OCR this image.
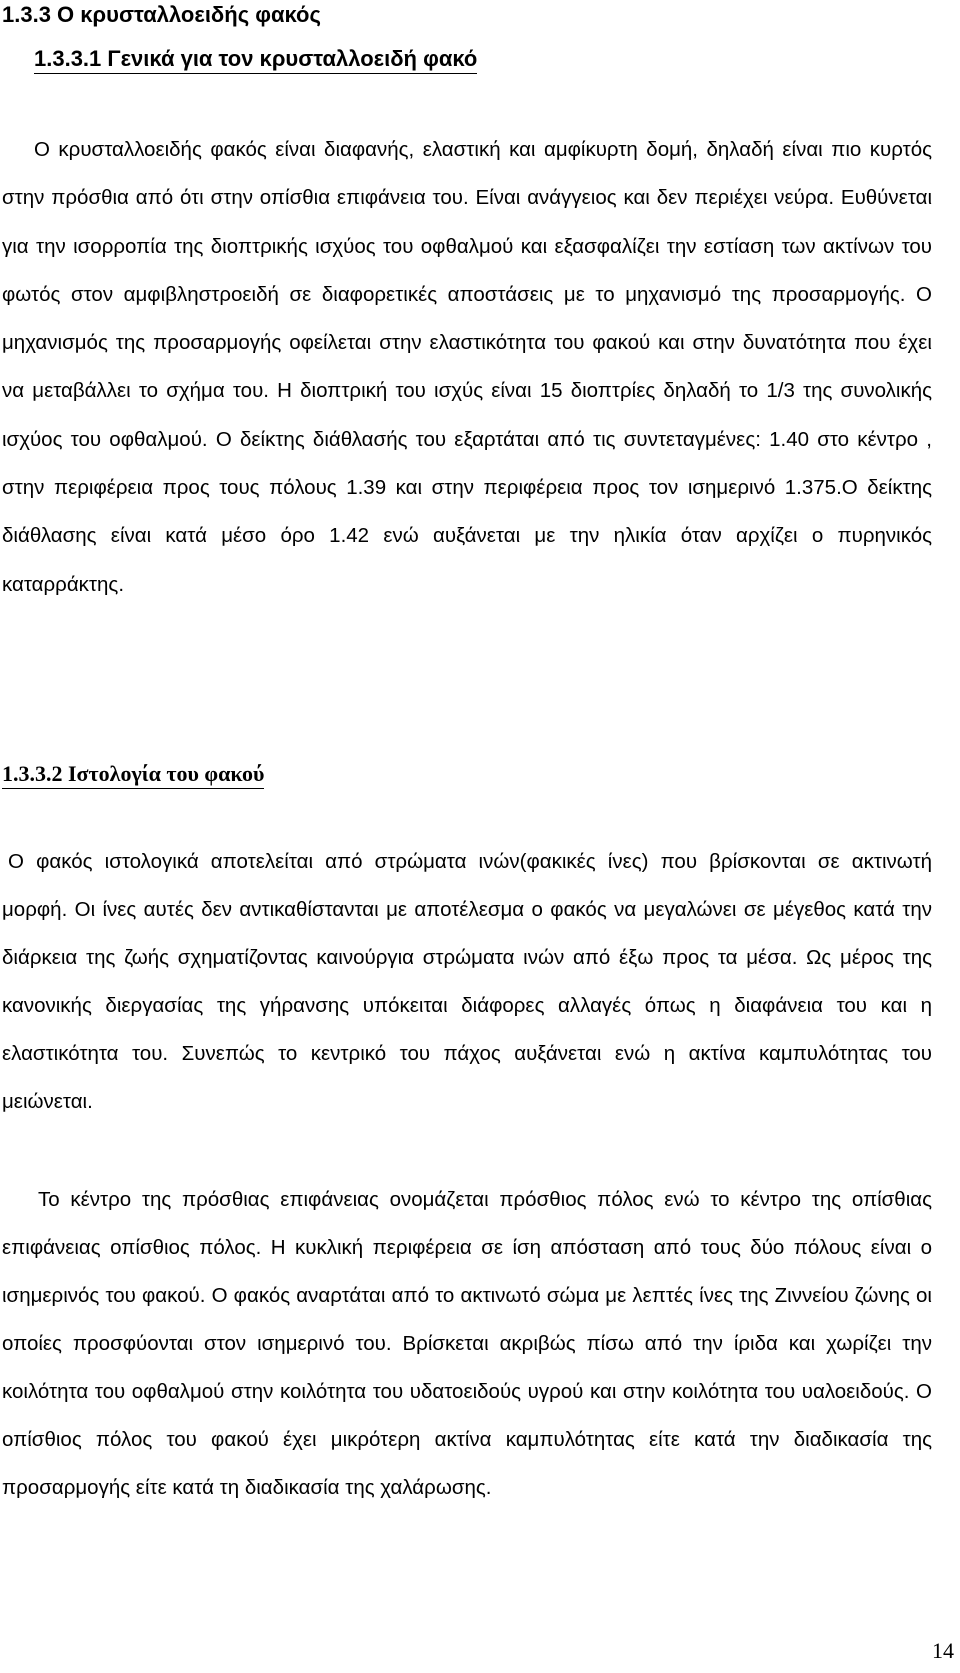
1.3.3 Ο κρυσταλλοειδής φακός
1.3.3.1 Γενικά για τον κρυσταλλοειδή φακό

Ο κρυσταλλοειδής φακός είναι διαφανής, ελαστική και αμφίκυρτη δομή, δηλαδή είναι πιο κυρτός στην πρόσθια από ότι στην οπίσθια επιφάνεια του. Είναι ανάγγειος και δεν περιέχει νεύρα. Ευθύνεται για την ισορροπία της διοπτρικής ισχύος του οφθαλμού και εξασφαλίζει την εστίαση των ακτίνων του φωτός στον αμφιβληστροειδή σε διαφορετικές αποστάσεις με το μηχανισμό της προσαρμογής. Ο μηχανισμός της προσαρμογής οφείλεται στην ελαστικότητα του φακού και στην δυνατότητα που έχει να μεταβάλλει το σχήμα του. Η διοπτρική του ισχύς είναι 15 διοπτρίες δηλαδή το 1/3 της συνολικής ισχύος του οφθαλμού. Ο δείκτης διάθλασής του εξαρτάται από τις συντεταγμένες: 1.40 στο κέντρο , στην περιφέρεια προς τους πόλους 1.39 και στην περιφέρεια προς τον ισημερινό 1.375.Ο δείκτης διάθλασης είναι κατά μέσο όρο 1.42 ενώ αυξάνεται με την ηλικία όταν αρχίζει ο πυρηνικός καταρράκτης.

1.3.3.2 Ιστολογία του φακού

Ο φακός ιστολογικά αποτελείται από στρώματα ινών(φακικές ίνες) που βρίσκονται σε ακτινωτή μορφή. Οι ίνες αυτές δεν αντικαθίστανται με αποτέλεσμα ο φακός να μεγαλώνει σε μέγεθος κατά την διάρκεια της ζωής σχηματίζοντας καινούργια στρώματα ινών από έξω προς τα μέσα. Ως μέρος της κανονικής διεργασίας της γήρανσης υπόκειται διάφορες αλλαγές όπως η διαφάνεια του και η ελαστικότητα του. Συνεπώς το κεντρικό του πάχος αυξάνεται ενώ η ακτίνα καμπυλότητας του μειώνεται.

Το κέντρο της πρόσθιας επιφάνειας ονομάζεται πρόσθιος πόλος ενώ το κέντρο της οπίσθιας επιφάνειας οπίσθιος πόλος. Η κυκλική περιφέρεια σε ίση απόσταση από τους δύο πόλους είναι ο ισημερινός του φακού. Ο φακός αναρτάται από το ακτινωτό σώμα με λεπτές ίνες της Ζιννείου ζώνης οι οποίες προσφύονται στον ισημερινό του. Βρίσκεται ακριβώς πίσω από την ίριδα και χωρίζει την κοιλότητα του οφθαλμού στην κοιλότητα του υδατοειδούς υγρού και στην κοιλότητα του υαλοειδούς. Ο οπίσθιος πόλος του φακού έχει μικρότερη ακτίνα καμπυλότητας είτε κατά την διαδικασία της προσαρμογής είτε κατά τη διαδικασία της χαλάρωσης.

14
